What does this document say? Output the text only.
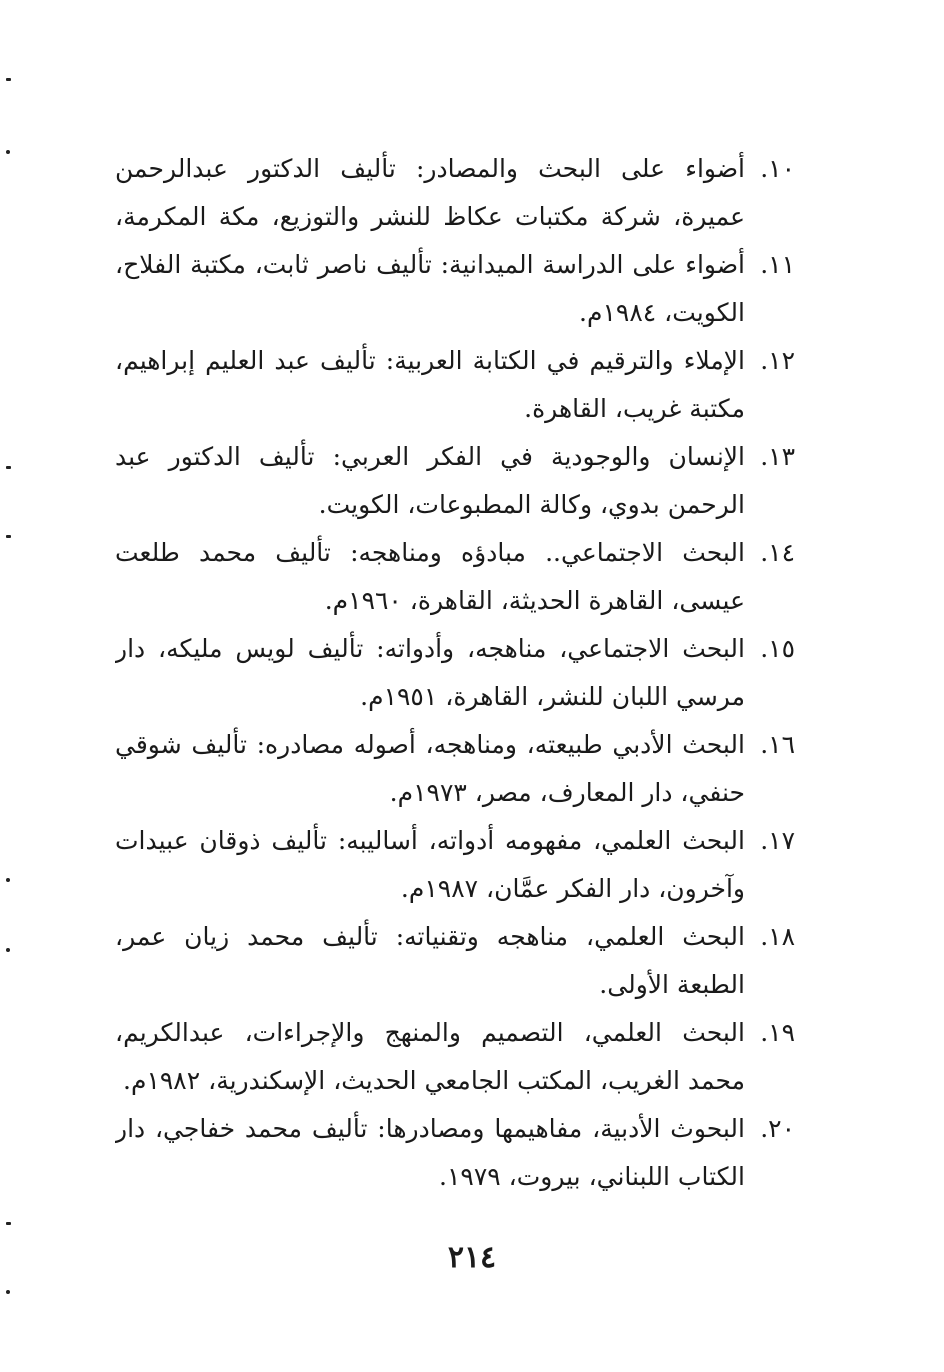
١٠.
أضواء على البحث والمصادر: تأليف الدكتور عبدالرحمن عميرة، شركة مكتبات عكاظ للنشر والتوزيع، مكة المكرمة،
١١.
أضواء على الدراسة الميدانية: تأليف ناصر ثابت، مكتبة الفلاح، الكويت، ١٩٨٤م.
١٢.
الإملاء والترقيم في الكتابة العربية: تأليف عبد العليم إبراهيم، مكتبة غريب، القاهرة.
١٣.
الإنسان والوجودية في الفكر العربي: تأليف الدكتور عبد الرحمن بدوي، وكالة المطبوعات، الكويت.
١٤.
البحث الاجتماعي.. مبادؤه ومناهجه: تأليف محمد طلعت عيسى، القاهرة الحديثة، القاهرة، ١٩٦٠م.
١٥.
البحث الاجتماعي، مناهجه، وأدواته: تأليف لويس مليكه، دار مرسي اللبان للنشر، القاهرة، ١٩٥١م.
١٦.
البحث الأدبي طبيعته، ومناهجه، أصوله مصادره: تأليف شوقي حنفي، دار المعارف، مصر، ١٩٧٣م.
١٧.
البحث العلمي، مفهومه أدواته، أساليبه: تأليف ذوقان عبيدات وآخرون، دار الفكر عمَّان، ١٩٨٧م.
١٨.
البحث العلمي، مناهجه وتقنياته: تأليف محمد زيان عمر، الطبعة الأولى.
١٩.
البحث العلمي، التصميم والمنهج والإجراءات، عبدالكريم، محمد الغريب، المكتب الجامعي الحديث، الإسكندرية، ١٩٨٢م.
٢٠.
البحوث الأدبية، مفاهيمها ومصادرها: تأليف محمد خفاجي، دار الكتاب اللبناني، بيروت، ١٩٧٩.
٢١٤
